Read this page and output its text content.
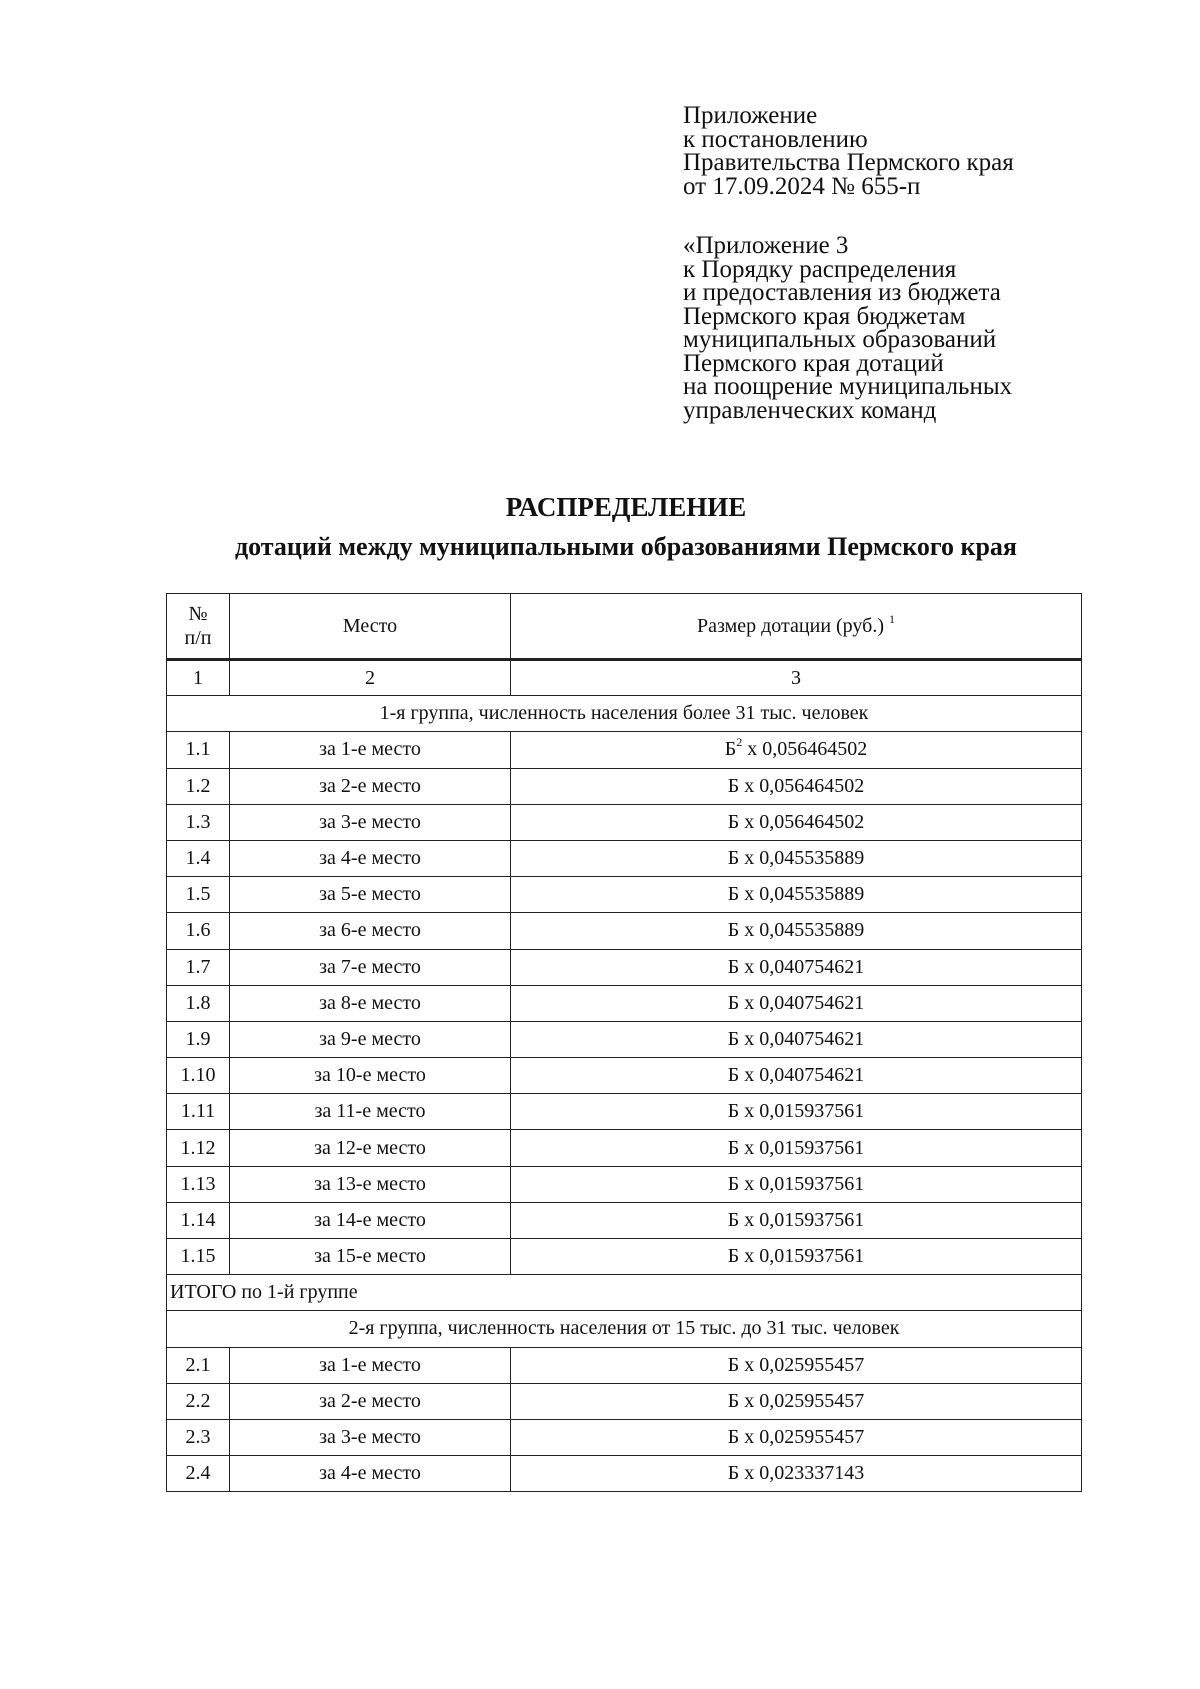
Приложение
к постановлению
Правительства Пермского края
от 17.09.2024 № 655-п
«Приложение 3
к Порядку распределения
и предоставления из бюджета
Пермского края бюджетам
муниципальных образований
Пермского края дотаций
на поощрение муниципальных
управленческих команд
РАСПРЕДЕЛЕНИЕ
дотаций между муниципальными образованиями Пермского края
№
п/п	Место	Размер дотации (руб.) $^1$
1	2	3
1-я группа, численность населения более 31 тыс. человек		
1.1	за 1-е место	$Б^2$ х 0,056464502
1.2	за 2-е место	Б х 0,056464502
1.3	за 3-е место	Б х 0,056464502
1.4	за 4-е место	Б х 0,045535889
1.5	за 5-е место	Б х 0,045535889
1.6	за 6-е место	Б х 0,045535889
1.7	за 7-е место	Б х 0,040754621
1.8	за 8-е место	Б х 0,040754621
1.9	за 9-е место	Б х 0,040754621
1.10	за 10-е место	Б х 0,040754621
1.11	за 11-е место	Б х 0,015937561
1.12	за 12-е место	Б х 0,015937561
1.13	за 13-е место	Б х 0,015937561
1.14	за 14-е место	Б х 0,015937561
1.15	за 15-е место	Б х 0,015937561
ИТОГО по 1-й группе		
2-я группа, численность населения от 15 тыс. до 31 тыс. человек		
2.1	за 1-е место	Б х 0,025955457
2.2	за 2-е место	Б х 0,025955457
2.3	за 3-е место	Б х 0,025955457
2.4	за 4-е место	Б х 0,023337143
